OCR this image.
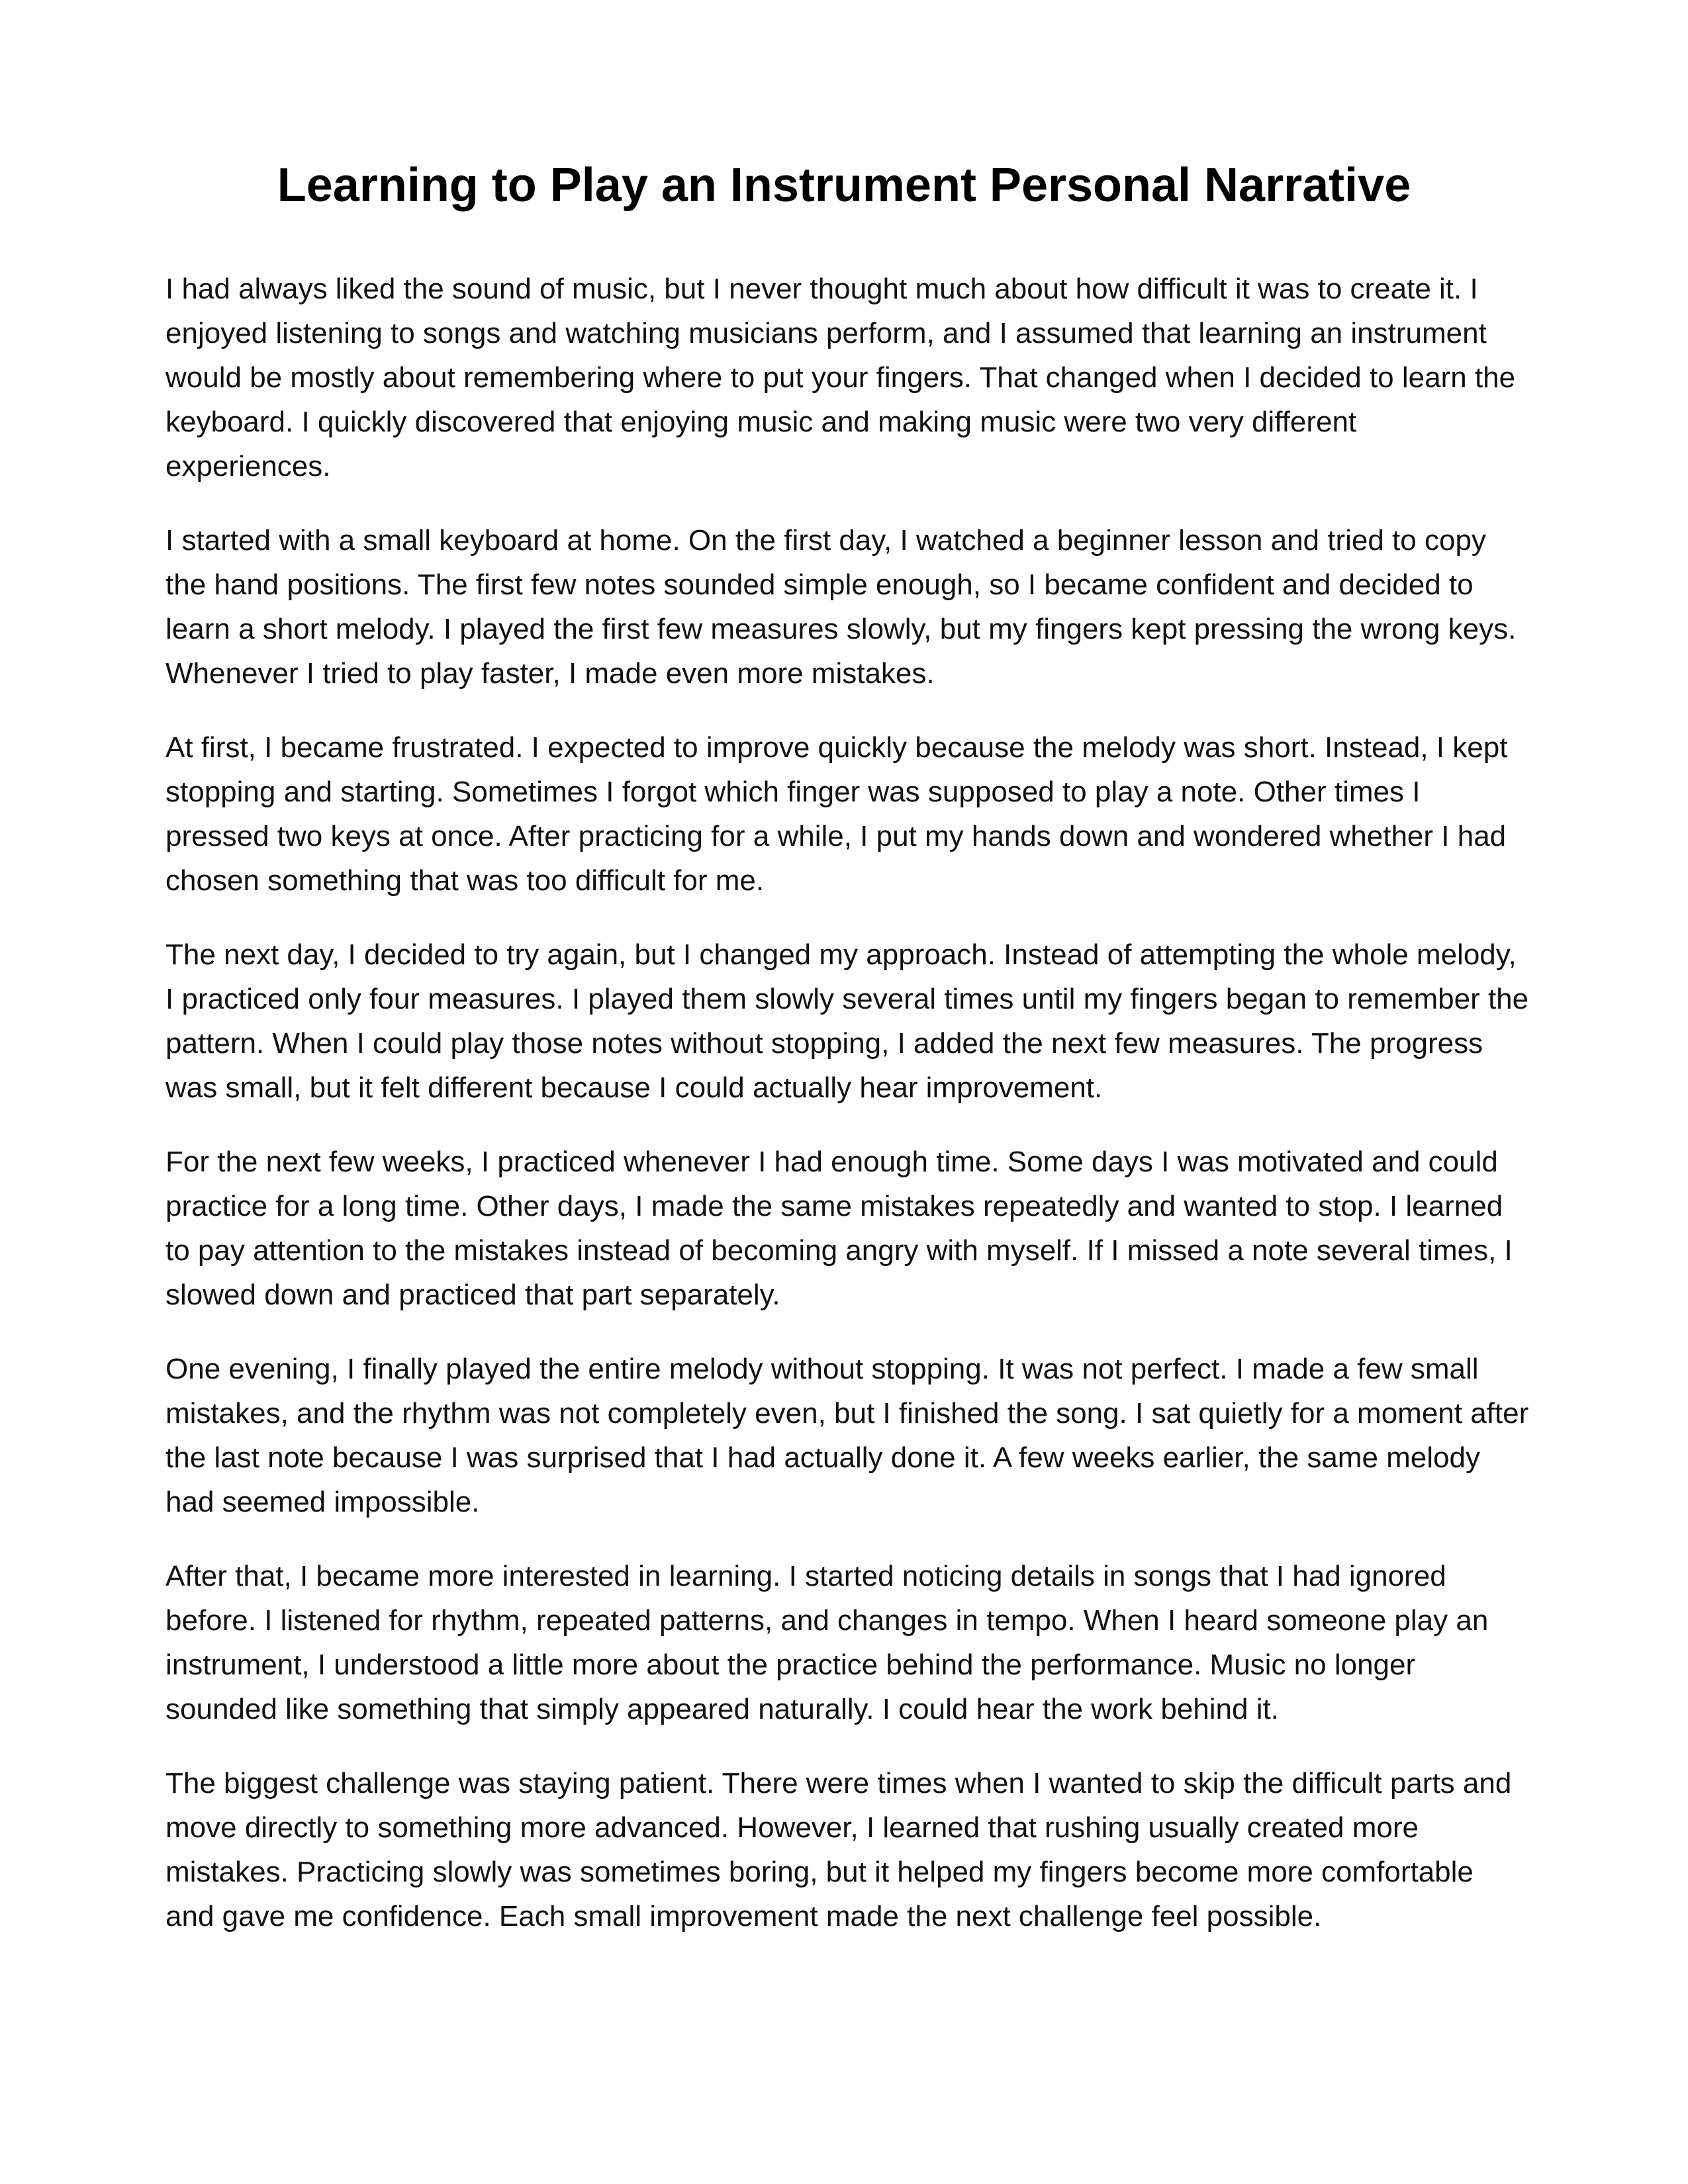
Learning to Play an Instrument Personal Narrative

I had always liked the sound of music, but I never thought much about how difficult it was to create it. I enjoyed listening to songs and watching musicians perform, and I assumed that learning an instrument would be mostly about remembering where to put your fingers. That changed when I decided to learn the keyboard. I quickly discovered that enjoying music and making music were two very different experiences.

I started with a small keyboard at home. On the first day, I watched a beginner lesson and tried to copy the hand positions. The first few notes sounded simple enough, so I became confident and decided to learn a short melody. I played the first few measures slowly, but my fingers kept pressing the wrong keys. Whenever I tried to play faster, I made even more mistakes.

At first, I became frustrated. I expected to improve quickly because the melody was short. Instead, I kept stopping and starting. Sometimes I forgot which finger was supposed to play a note. Other times I pressed two keys at once. After practicing for a while, I put my hands down and wondered whether I had chosen something that was too difficult for me.

The next day, I decided to try again, but I changed my approach. Instead of attempting the whole melody, I practiced only four measures. I played them slowly several times until my fingers began to remember the pattern. When I could play those notes without stopping, I added the next few measures. The progress was small, but it felt different because I could actually hear improvement.

For the next few weeks, I practiced whenever I had enough time. Some days I was motivated and could practice for a long time. Other days, I made the same mistakes repeatedly and wanted to stop. I learned to pay attention to the mistakes instead of becoming angry with myself. If I missed a note several times, I slowed down and practiced that part separately.

One evening, I finally played the entire melody without stopping. It was not perfect. I made a few small mistakes, and the rhythm was not completely even, but I finished the song. I sat quietly for a moment after the last note because I was surprised that I had actually done it. A few weeks earlier, the same melody had seemed impossible.

After that, I became more interested in learning. I started noticing details in songs that I had ignored before. I listened for rhythm, repeated patterns, and changes in tempo. When I heard someone play an instrument, I understood a little more about the practice behind the performance. Music no longer sounded like something that simply appeared naturally. I could hear the work behind it.

The biggest challenge was staying patient. There were times when I wanted to skip the difficult parts and move directly to something more advanced. However, I learned that rushing usually created more mistakes. Practicing slowly was sometimes boring, but it helped my fingers become more comfortable and gave me confidence. Each small improvement made the next challenge feel possible.
